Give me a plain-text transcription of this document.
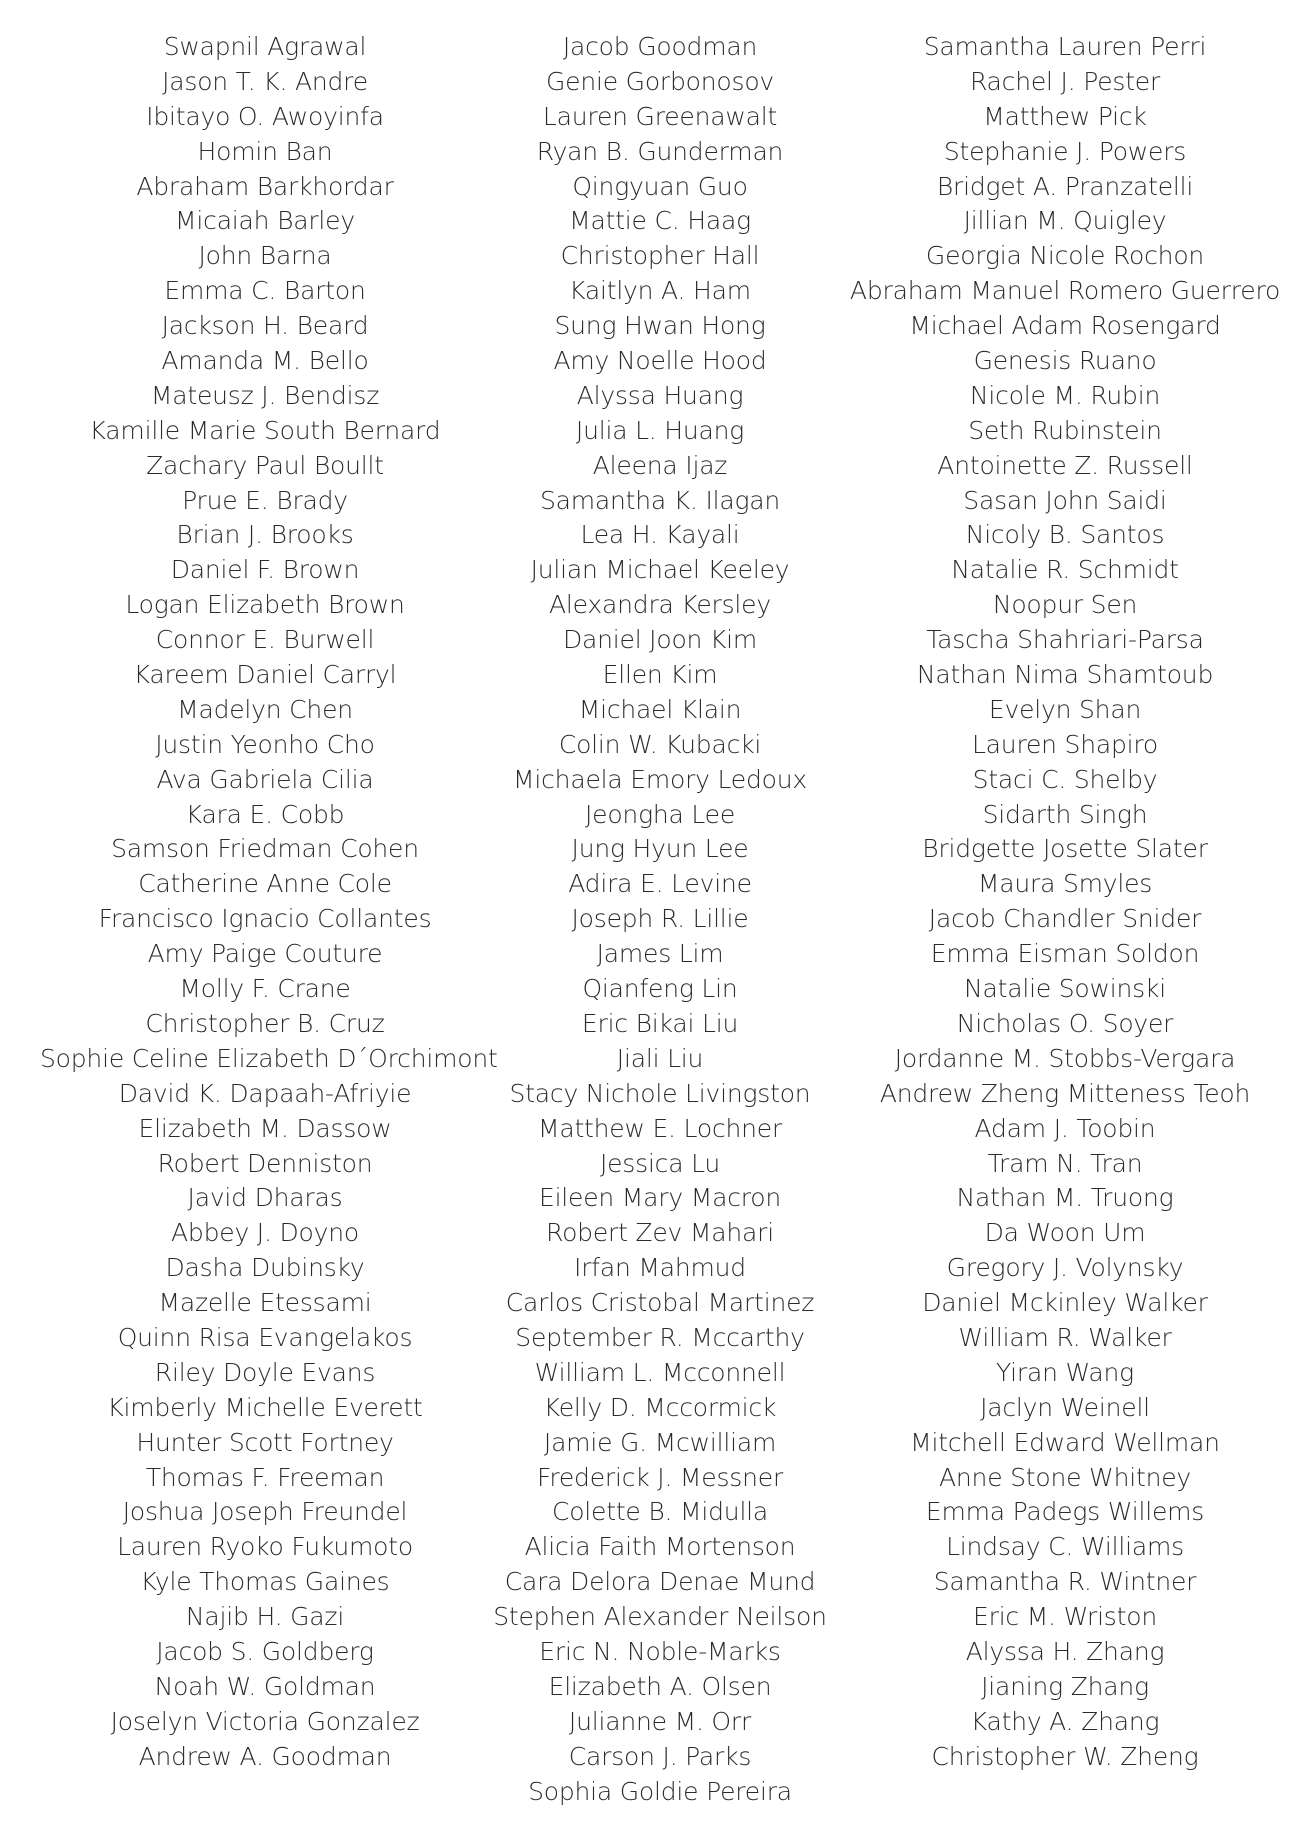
Swapnil Agrawal
Jason T. K. Andre
Ibitayo O. Awoyinfa
Homin Ban
Abraham Barkhordar
Micaiah Barley
John Barna
Emma C. Barton
Jackson H. Beard
Amanda M. Bello
Mateusz J. Bendisz
Kamille Marie South Bernard
Zachary Paul Boullt
Prue E. Brady
Brian J. Brooks
Daniel F. Brown
Logan Elizabeth Brown
Connor E. Burwell
Kareem Daniel Carryl
Madelyn Chen
Justin Yeonho Cho
Ava Gabriela Cilia
Kara E. Cobb
Samson Friedman Cohen
Catherine Anne Cole
Francisco Ignacio Collantes
Amy Paige Couture
Molly F. Crane
Christopher B. Cruz
Sophie Celine Elizabeth D´Orchimont
David K. Dapaah-Afriyie
Elizabeth M. Dassow
Robert Denniston
Javid Dharas
Abbey J. Doyno
Dasha Dubinsky
Mazelle Etessami
Quinn Risa Evangelakos
Riley Doyle Evans
Kimberly Michelle Everett
Hunter Scott Fortney
Thomas F. Freeman
Joshua Joseph Freundel
Lauren Ryoko Fukumoto
Kyle Thomas Gaines
Najib H. Gazi
Jacob S. Goldberg
Noah W. Goldman
Joselyn Victoria Gonzalez
Andrew A. Goodman
Jacob Goodman
Genie Gorbonosov
Lauren Greenawalt
Ryan B. Gunderman
Qingyuan Guo
Mattie C. Haag
Christopher Hall
Kaitlyn A. Ham
Sung Hwan Hong
Amy Noelle Hood
Alyssa Huang
Julia L. Huang
Aleena Ijaz
Samantha K. Ilagan
Lea H. Kayali
Julian Michael Keeley
Alexandra Kersley
Daniel Joon Kim
Ellen Kim
Michael Klain
Colin W. Kubacki
Michaela Emory Ledoux
Jeongha Lee
Jung Hyun Lee
Adira E. Levine
Joseph R. Lillie
James Lim
Qianfeng Lin
Eric Bikai Liu
Jiali Liu
Stacy Nichole Livingston
Matthew E. Lochner
Jessica Lu
Eileen Mary Macron
Robert Zev Mahari
Irfan Mahmud
Carlos Cristobal Martinez
September R. Mccarthy
William L. Mcconnell
Kelly D. Mccormick
Jamie G. Mcwilliam
Frederick J. Messner
Colette B. Midulla
Alicia Faith Mortenson
Cara Delora Denae Mund
Stephen Alexander Neilson
Eric N. Noble-Marks
Elizabeth A. Olsen
Julianne M. Orr
Carson J. Parks
Sophia Goldie Pereira
Samantha Lauren Perri
Rachel J. Pester
Matthew Pick
Stephanie J. Powers
Bridget A. Pranzatelli
Jillian M. Quigley
Georgia Nicole Rochon
Abraham Manuel Romero Guerrero
Michael Adam Rosengard
Genesis Ruano
Nicole M. Rubin
Seth Rubinstein
Antoinette Z. Russell
Sasan John Saidi
Nicoly B. Santos
Natalie R. Schmidt
Noopur Sen
Tascha Shahriari-Parsa
Nathan Nima Shamtoub
Evelyn Shan
Lauren Shapiro
Staci C. Shelby
Sidarth Singh
Bridgette Josette Slater
Maura Smyles
Jacob Chandler Snider
Emma Eisman Soldon
Natalie Sowinski
Nicholas O. Soyer
Jordanne M. Stobbs-Vergara
Andrew Zheng Mitteness Teoh
Adam J. Toobin
Tram N. Tran
Nathan M. Truong
Da Woon Um
Gregory J. Volynsky
Daniel Mckinley Walker
William R. Walker
Yiran Wang
Jaclyn Weinell
Mitchell Edward Wellman
Anne Stone Whitney
Emma Padegs Willems
Lindsay C. Williams
Samantha R. Wintner
Eric M. Wriston
Alyssa H. Zhang
Jianing Zhang
Kathy A. Zhang
Christopher W. Zheng
